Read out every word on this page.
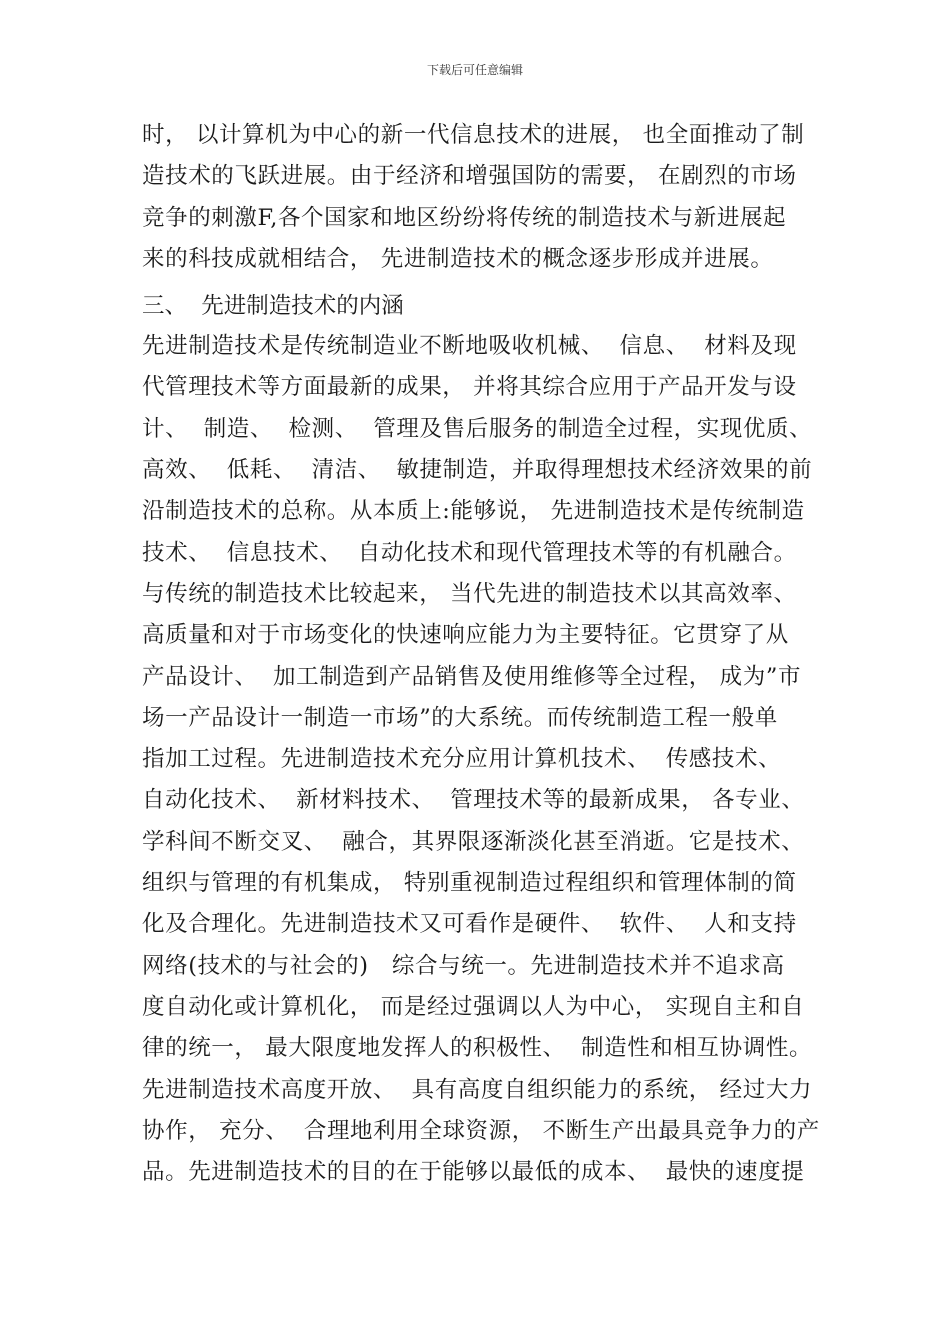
下载后可任意编辑
时， 以计算机为中心的新一代信息技术的进展， 也全面推动了制
造技术的飞跃进展。由于经济和增强国防的需要， 在剧烈的市场
竞争的刺激F,各个国家和地区纷纷将传统的制造技术与新进展起
来的科技成就相结合， 先进制造技术的概念逐步形成并进展。
三、  先进制造技术的内涵
先进制造技术是传统制造业不断地吸收机械、  信息、  材料及现
代管理技术等方面最新的成果， 并将其综合应用于产品开发与设
计、  制造、  检测、  管理及售后服务的制造全过程，实现优质、
高效、  低耗、  清洁、  敏捷制造，并取得理想技术经济效果的前
沿制造技术的总称。从本质上:能够说， 先进制造技术是传统制造
技术、  信息技术、  自动化技术和现代管理技术等的有机融合。
与传统的制造技术比较起来， 当代先进的制造技术以其高效率、
高质量和对于市场变化的快速响应能力为主要特征。它贯穿了从
产品设计、  加工制造到产品销售及使用维修等全过程， 成为”市
场一产品设计一制造一市场”的大系统。而传统制造工程一般单
指加工过程。先进制造技术充分应用计算机技术、  传感技术、
自动化技术、  新材料技术、  管理技术等的最新成果， 各专业、
学科间不断交叉、  融合，其界限逐渐淡化甚至消逝。它是技术、
组织与管理的有机集成， 特别重视制造过程组织和管理体制的简
化及合理化。先进制造技术又可看作是硬件、  软件、  人和支持
网络(技术的与社会的)   综合与统一。先进制造技术并不追求高
度自动化或计算机化， 而是经过强调以人为中心， 实现自主和自
律的统一， 最大限度地发挥人的积极性、  制造性和相互协调性。
先进制造技术高度开放、  具有高度自组织能力的系统， 经过大力
协作， 充分、  合理地利用全球资源， 不断生产出最具竞争力的产
品。先进制造技术的目的在于能够以最低的成本、  最快的速度提
